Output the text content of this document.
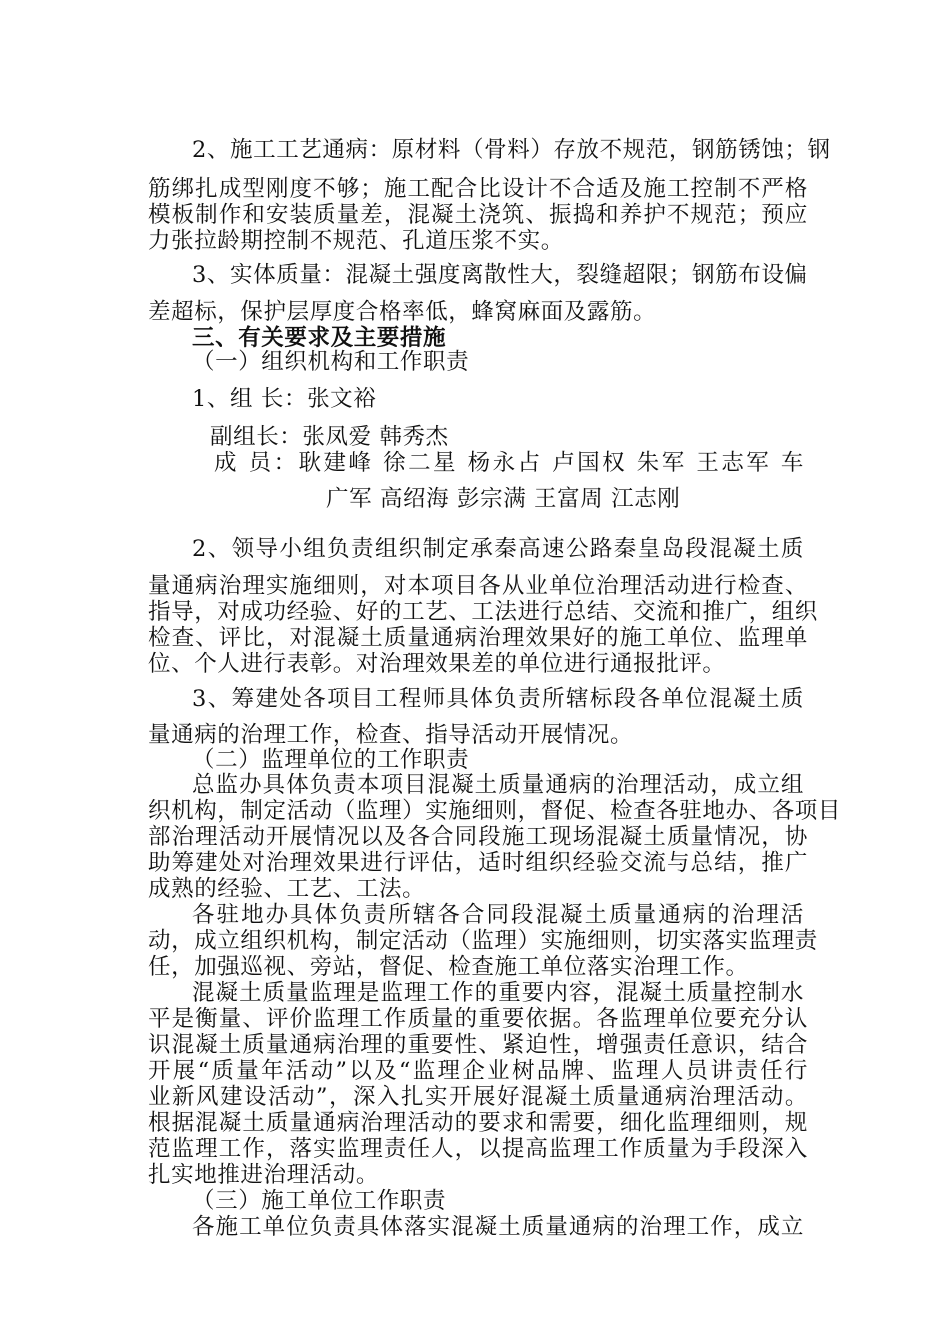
2、施工工艺通病：原材料（骨料）存放不规范，钢筋锈蚀；钢
筋绑扎成型刚度不够；施工配合比设计不合适及施工控制不严格
模板制作和安装质量差，混凝土浇筑、振捣和养护不规范；预应
力张拉龄期控制不规范、孔道压浆不实。
3、实体质量：混凝土强度离散性大，裂缝超限；钢筋布设偏
差超标，保护层厚度合格率低，蜂窝麻面及露筋。
三、有关要求及主要措施
（一）组织机构和工作职责
1、组 长：张文裕
副组长：张凤爱 韩秀杰
成 员：耿建峰 徐二星 杨永占 卢国权 朱军 王志军 车
广军 高绍海 彭宗满 王富周 江志刚
2、领导小组负责组织制定承秦高速公路秦皇岛段混凝土质
量通病治理实施细则，对本项目各从业单位治理活动进行检查、
指导，对成功经验、好的工艺、工法进行总结、交流和推广，组织
检查、评比，对混凝土质量通病治理效果好的施工单位、监理单
位、个人进行表彰。对治理效果差的单位进行通报批评。
3、筹建处各项目工程师具体负责所辖标段各单位混凝土质
量通病的治理工作，检查、指导活动开展情况。
（二）监理单位的工作职责
总监办具体负责本项目混凝土质量通病的治理活动，成立组
织机构，制定活动（监理）实施细则，督促、检查各驻地办、各项目
部治理活动开展情况以及各合同段施工现场混凝土质量情况，协
助筹建处对治理效果进行评估，适时组织经验交流与总结，推广
成熟的经验、工艺、工法。
各驻地办具体负责所辖各合同段混凝土质量通病的治理活
动，成立组织机构，制定活动（监理）实施细则，切实落实监理责
任，加强巡视、旁站，督促、检查施工单位落实治理工作。
混凝土质量监理是监理工作的重要内容，混凝土质量控制水
平是衡量、评价监理工作质量的重要依据。各监理单位要充分认
识混凝土质量通病治理的重要性、紧迫性，增强责任意识，结合
开展“质量年活动”以及“监理企业树品牌、监理人员讲责任行
业新风建设活动”，深入扎实开展好混凝土质量通病治理活动。
根据混凝土质量通病治理活动的要求和需要，细化监理细则，规
范监理工作，落实监理责任人，以提高监理工作质量为手段深入
扎实地推进治理活动。
（三）施工单位工作职责
各施工单位负责具体落实混凝土质量通病的治理工作，成立
